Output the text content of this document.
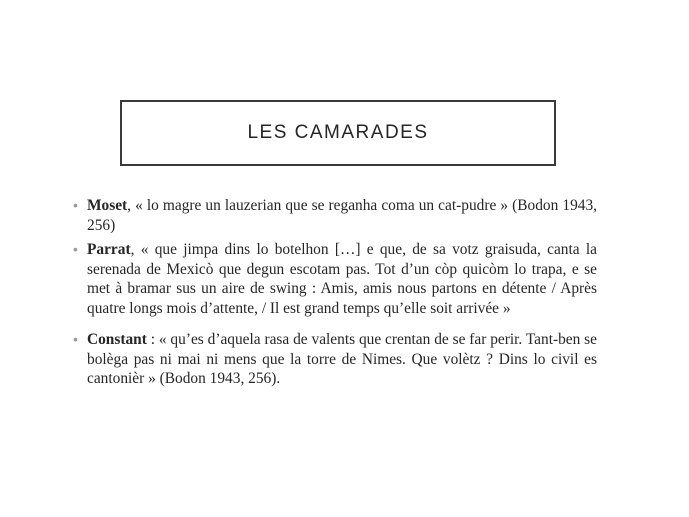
LES CAMARADES
• Moset, « lo magre un lauzerian que se reganha coma un cat-pudre » (Bodon 1943, 256)
• Parrat, « que jimpa dins lo botelhon […] e que, de sa votz graisuda, canta la serenada de Mexicò que degun escotam pas. Tot d’un còp quicòm lo trapa, e se met à bramar sus un aire de swing : Amis, amis nous partons en détente / Après quatre longs mois d’attente, / Il est grand temps qu’elle soit arrivée »
• Constant : « qu’es d’aquela rasa de valents que crentan de se far perir. Tant-ben se bolèga pas ni mai ni mens que la torre de Nimes. Que volètz ? Dins lo civil es cantonièr » (Bodon 1943, 256).
